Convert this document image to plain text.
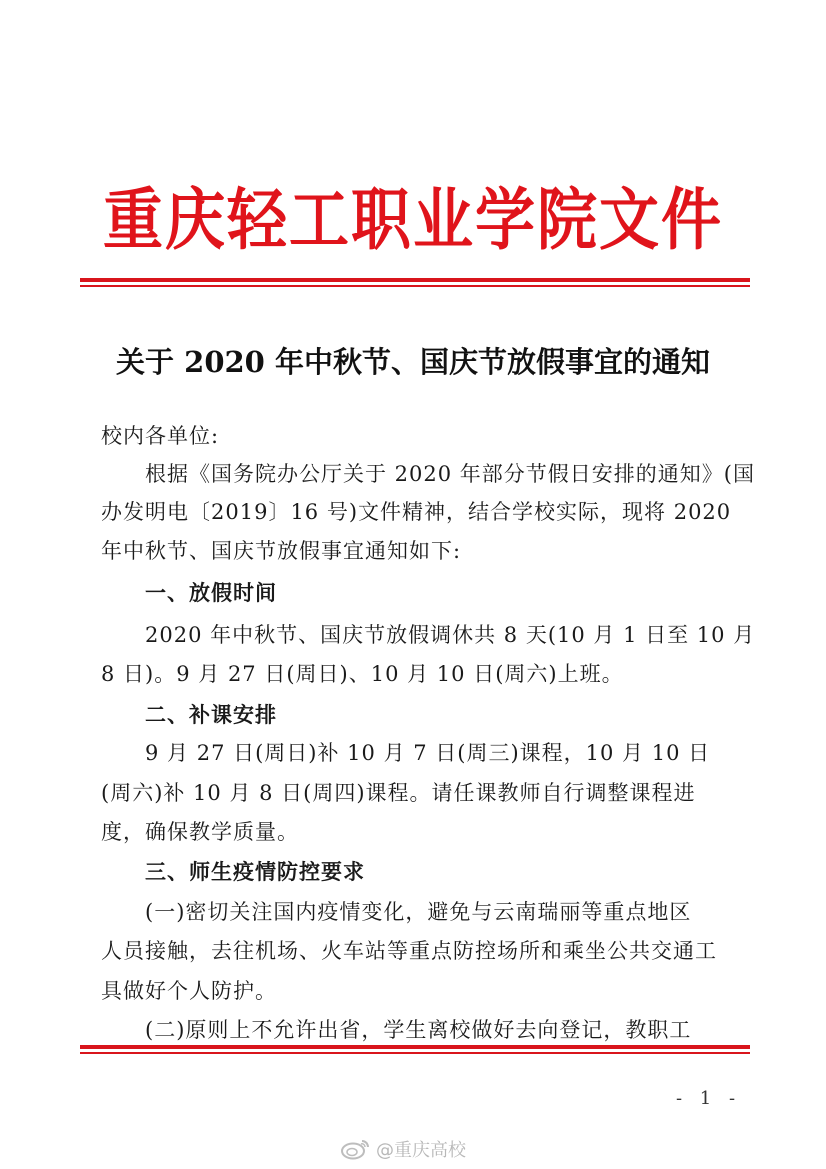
重庆轻工职业学院文件
关于 2020 年中秋节、国庆节放假事宜的通知
校内各单位:
根据《国务院办公厅关于 2020 年部分节假日安排的通知》(国
办发明电〔2019〕16 号)文件精神，结合学校实际，现将 2020
年中秋节、国庆节放假事宜通知如下:
一、放假时间
2020 年中秋节、国庆节放假调休共 8 天(10 月 1 日至 10 月
8 日)。9 月 27 日(周日)、10 月 10 日(周六)上班。
二、补课安排
9 月 27 日(周日)补 10 月 7 日(周三)课程，10 月 10 日
(周六)补 10 月 8 日(周四)课程。请任课教师自行调整课程进
度，确保教学质量。
三、师生疫情防控要求
(一)密切关注国内疫情变化，避免与云南瑞丽等重点地区
人员接触，去往机场、火车站等重点防控场所和乘坐公共交通工
具做好个人防护。
(二)原则上不允许出省，学生离校做好去向登记，教职工
- 1 -
@重庆高校
